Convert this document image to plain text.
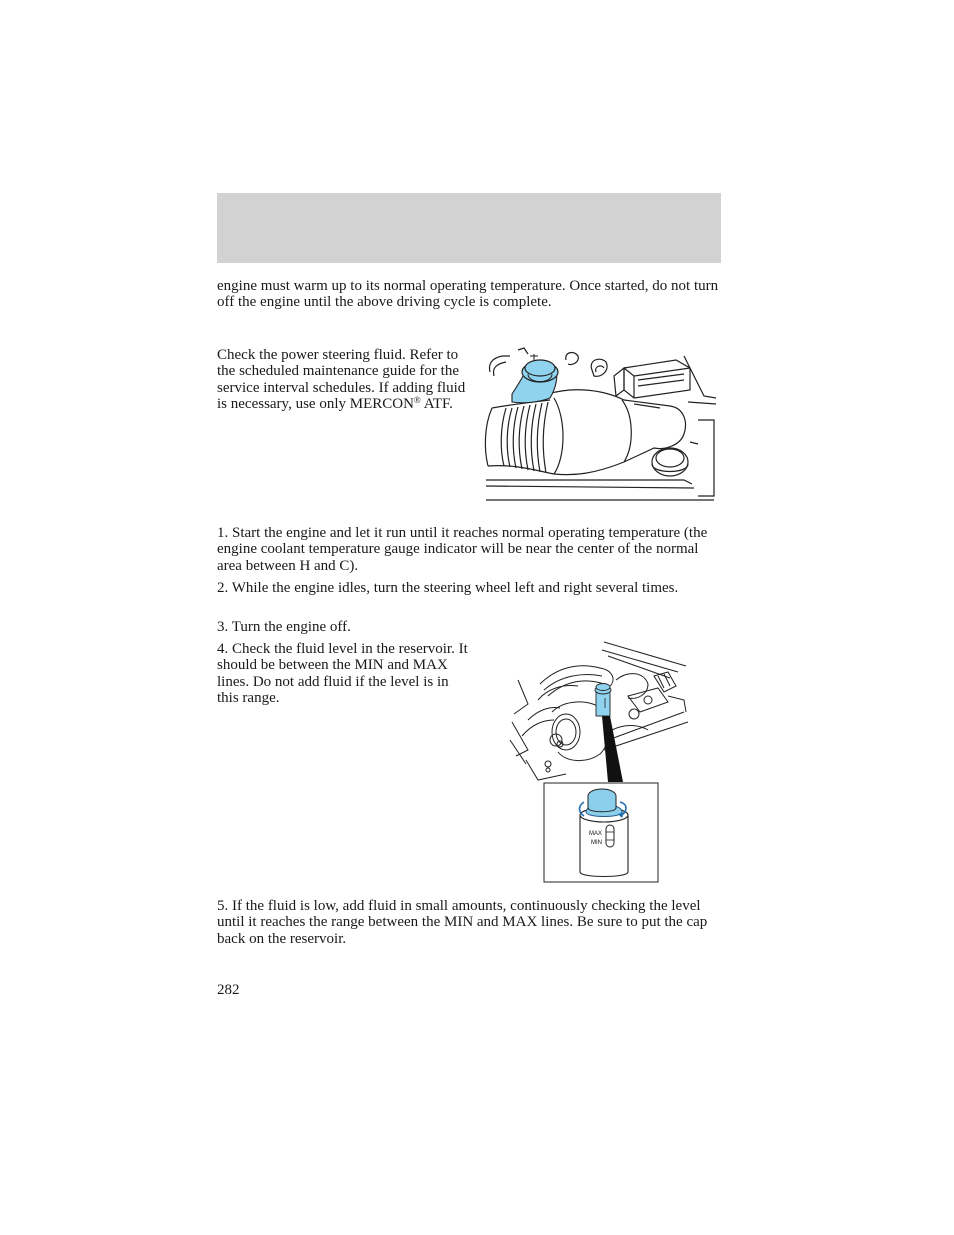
engine must warm up to its normal operating temperature. Once started, do not turn off the engine until the above driving cycle is complete.

Check the power steering fluid. Refer to the scheduled maintenance guide for the service interval schedules. If adding fluid is necessary, use only MERCON® ATF.

1. Start the engine and let it run until it reaches normal operating temperature (the engine coolant temperature gauge indicator will be near the center of the normal area between H and C).

2. While the engine idles, turn the steering wheel left and right several times.

3. Turn the engine off.

4. Check the fluid level in the reservoir. It should be between the MIN and MAX lines. Do not add fluid if the level is in this range.

MAX
MIN

5. If the fluid is low, add fluid in small amounts, continuously checking the level until it reaches the range between the MIN and MAX lines. Be sure to put the cap back on the reservoir.

282
